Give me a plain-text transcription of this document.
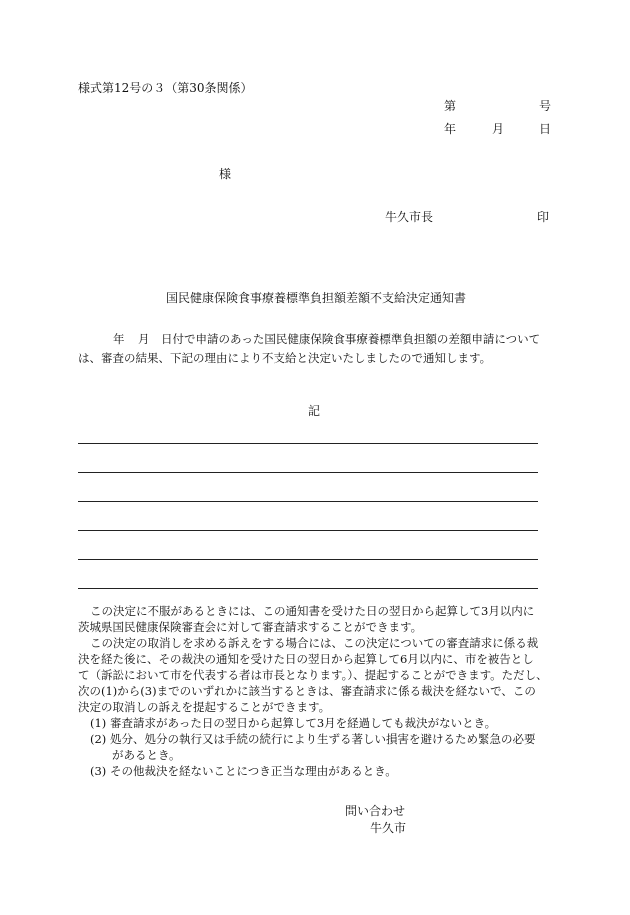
様式第12号の３（第30条関係）
第	号
年	月	日
様
牛久市長	印
国民健康保険食事療養標準負担額差額不支給決定通知書
年 月 日付で申請のあった国民健康保険食事療養標準負担額の差額申請について
は、審査の結果、下記の理由により不支給と決定いたしましたので通知します。
記
この決定に不服があるときには、この通知書を受けた日の翌日から起算して3月以内に
茨城県国民健康保険審査会に対して審査請求することができます。
この決定の取消しを求める訴えをする場合には、この決定についての審査請求に係る裁
決を経た後に、その裁決の通知を受けた日の翌日から起算して6月以内に、市を被告とし
て（訴訟において市を代表する者は市長となります。）、提起することができます。ただし、
次の(1)から(3)までのいずれかに該当するときは、審査請求に係る裁決を経ないで、この
決定の取消しの訴えを提起することができます。
(1) 審査請求があった日の翌日から起算して3月を経過しても裁決がないとき。
(2) 処分、処分の執行又は手続の続行により生ずる著しい損害を避けるため緊急の必要
があるとき。
(3) その他裁決を経ないことにつき正当な理由があるとき。
問い合わせ
牛久市
